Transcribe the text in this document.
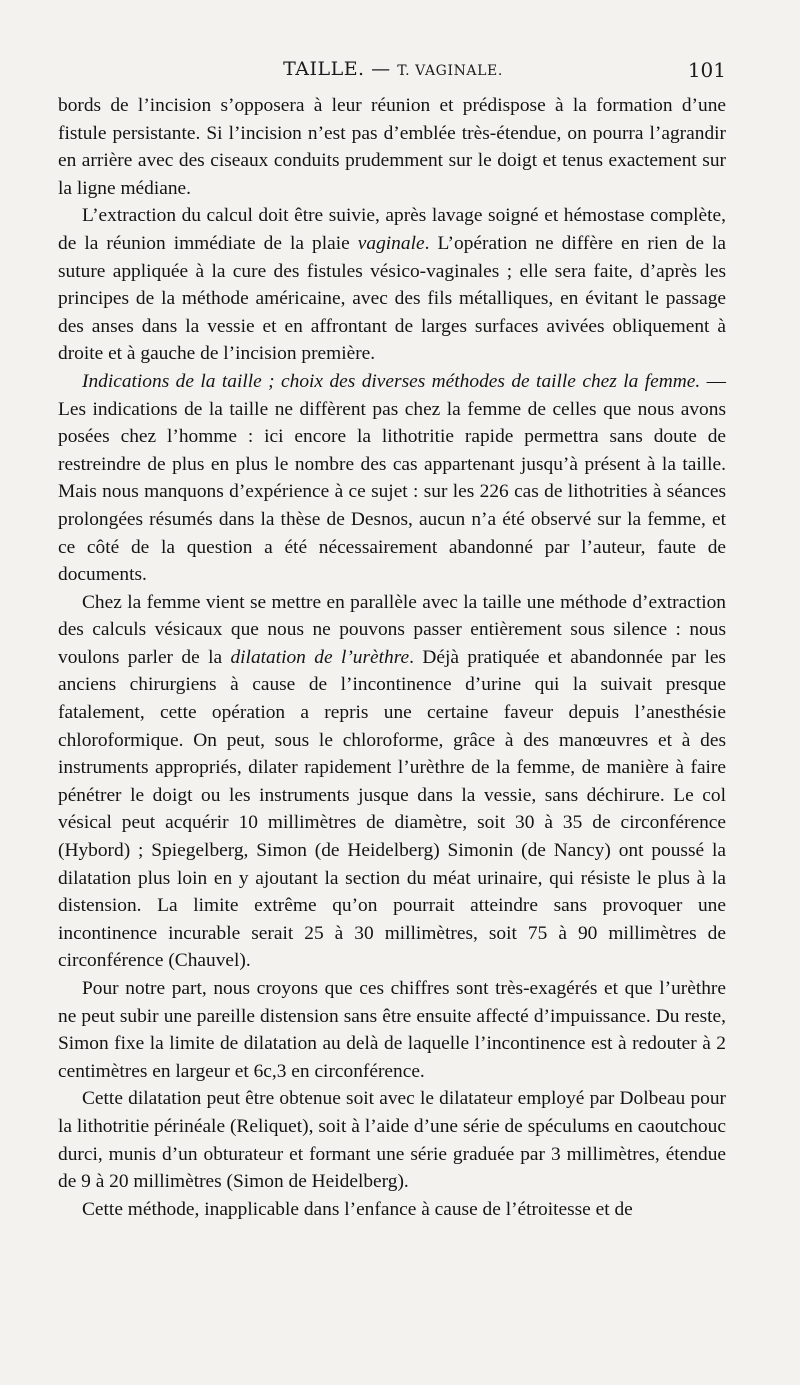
TAILLE. — T. VAGINALE.	101

bords de l’incision s’opposera à leur réunion et prédispose à la formation d’une fistule persistante. Si l’incision n’est pas d’emblée très-étendue, on pourra l’agrandir en arrière avec des ciseaux conduits prudemment sur le doigt et tenus exactement sur la ligne médiane.

L’extraction du calcul doit être suivie, après lavage soigné et hémostase complète, de la réunion immédiate de la plaie vaginale. L’opération ne diffère en rien de la suture appliquée à la cure des fistules vésico-vaginales ; elle sera faite, d’après les principes de la méthode américaine, avec des fils métalliques, en évitant le passage des anses dans la vessie et en affrontant de larges surfaces avivées obliquement à droite et à gauche de l’incision première.

Indications de la taille ; choix des diverses méthodes de taille chez la femme. — Les indications de la taille ne diffèrent pas chez la femme de celles que nous avons posées chez l’homme : ici encore la lithotritie rapide permettra sans doute de restreindre de plus en plus le nombre des cas appartenant jusqu’à présent à la taille. Mais nous manquons d’expérience à ce sujet : sur les 226 cas de lithotrities à séances prolongées résumés dans la thèse de Desnos, aucun n’a été observé sur la femme, et ce côté de la question a été nécessairement abandonné par l’auteur, faute de documents.

Chez la femme vient se mettre en parallèle avec la taille une méthode d’extraction des calculs vésicaux que nous ne pouvons passer entièrement sous silence : nous voulons parler de la dilatation de l’urèthre. Déjà pratiquée et abandonnée par les anciens chirurgiens à cause de l’incontinence d’urine qui la suivait presque fatalement, cette opération a repris une certaine faveur depuis l’anesthésie chloroformique. On peut, sous le chloroforme, grâce à des manœuvres et à des instruments appropriés, dilater rapidement l’urèthre de la femme, de manière à faire pénétrer le doigt ou les instruments jusque dans la vessie, sans déchirure. Le col vésical peut acquérir 10 millimètres de diamètre, soit 30 à 35 de circonférence (Hybord) ; Spiegelberg, Simon (de Heidelberg) Simonin (de Nancy) ont poussé la dilatation plus loin en y ajoutant la section du méat urinaire, qui résiste le plus à la distension. La limite extrême qu’on pourrait atteindre sans provoquer une incontinence incurable serait 25 à 30 millimètres, soit 75 à 90 millimètres de circonférence (Chauvel).

Pour notre part, nous croyons que ces chiffres sont très-exagérés et que l’urèthre ne peut subir une pareille distension sans être ensuite affecté d’impuissance. Du reste, Simon fixe la limite de dilatation au delà de laquelle l’incontinence est à redouter à 2 centimètres en largeur et 6c,3 en circonférence.

Cette dilatation peut être obtenue soit avec le dilatateur employé par Dolbeau pour la lithotritie périnéale (Reliquet), soit à l’aide d’une série de spéculums en caoutchouc durci, munis d’un obturateur et formant une série graduée par 3 millimètres, étendue de 9 à 20 millimètres (Simon de Heidelberg).

Cette méthode, inapplicable dans l’enfance à cause de l’étroitesse et de
